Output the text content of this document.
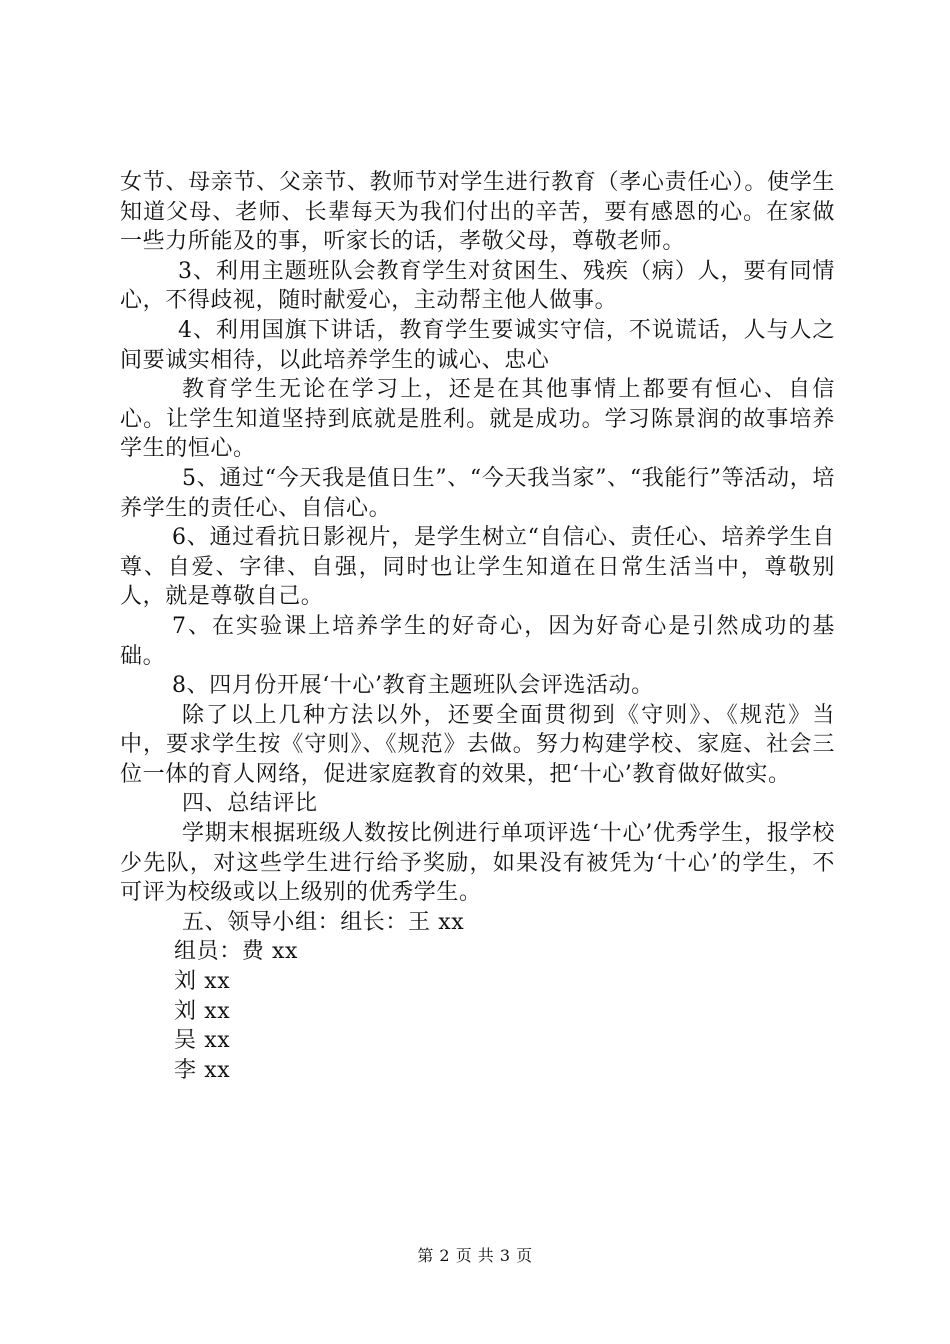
女节、母亲节、父亲节、教师节对学生进行教育（孝心责任心）。使学生知道父母、老师、长辈每天为我们付出的辛苦，要有感恩的心。在家做一些力所能及的事，听家长的话，孝敬父母，尊敬老师。

3、利用主题班队会教育学生对贫困生、残疾（病）人，要有同情心，不得歧视，随时献爱心，主动帮主他人做事。

4、利用国旗下讲话，教育学生要诚实守信，不说谎话，人与人之间要诚实相待，以此培养学生的诚心、忠心

教育学生无论在学习上，还是在其他事情上都要有恒心、自信心。让学生知道坚持到底就是胜利。就是成功。学习陈景润的故事培养学生的恒心。

5、通过“今天我是值日生”、“今天我当家”、“我能行”等活动，培养学生的责任心、自信心。

6、通过看抗日影视片，是学生树立“自信心、责任心、培养学生自尊、自爱、字律、自强，同时也让学生知道在日常生活当中，尊敬别人，就是尊敬自己。

7、在实验课上培养学生的好奇心，因为好奇心是引然成功的基础。

8、四月份开展‘十心’教育主题班队会评选活动。

除了以上几种方法以外，还要全面贯彻到《守则》、《规范》当中，要求学生按《守则》、《规范》去做。努力构建学校、家庭、社会三位一体的育人网络，促进家庭教育的效果，把‘十心’教育做好做实。

四、总结评比

学期末根据班级人数按比例进行单项评选‘十心’优秀学生，报学校少先队，对这些学生进行给予奖励，如果没有被凭为‘十心’的学生，不可评为校级或以上级别的优秀学生。

五、领导小组：组长：王 xx

组员：费 xx

刘 xx

刘 xx

吴 xx

李 xx

第 2 页 共 3 页
